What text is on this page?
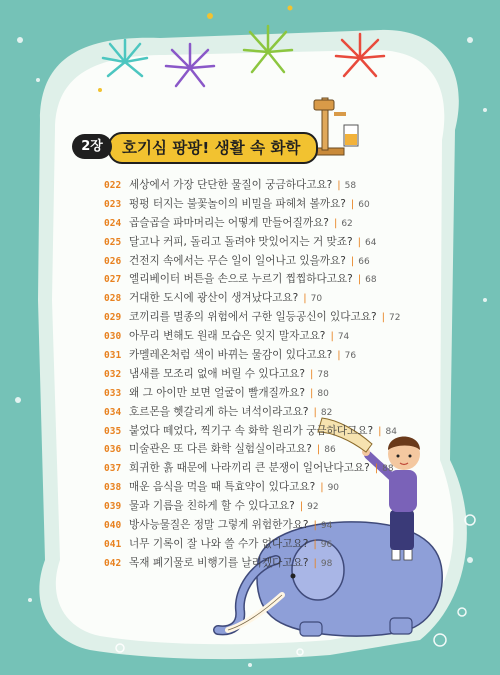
호기심 팡팡! 생활 속 화학
2장
022 세상에서 가장 단단한 물질이 궁금하다고요? | 58
023 펑펑 터지는 불꽃놀이의 비밀을 파헤쳐 볼까요? | 60
024 곱슬곱슬 파마머리는 어떻게 만들어질까요? | 62
025 달고나 커피, 돌리고 돌려야 맛있어지는 거 맞죠? | 64
026 건전지 속에서는 무슨 일이 일어나고 있을까요? | 66
027 엘리베이터 버튼을 손으로 누르기 찝찝하다고요? | 68
028 거대한 도시에 광산이 생겨났다고요? | 70
029 코끼리를 멸종의 위험에서 구한 일등공신이 있다고요? | 72
030 아무리 변해도 원래 모습은 잊지 말자고요? | 74
031 카멜레온처럼 색이 바뀌는 물감이 있다고요? | 76
032 냄새를 모조리 없애 버릴 수 있다고요? | 78
033 왜 그 아이만 보면 얼굴이 빨개질까요? | 80
034 호르몬을 헷갈리게 하는 녀석이라고요? | 82
035 붙었다 떼었다, 찍기구 속 화학 원리가 궁금하다고요? | 84
036 미술관은 또 다른 화학 실험실이라고요? | 86
037 희귀한 흙 때문에 나라끼리 큰 분쟁이 일어난다고요? | 88
038 매운 음식을 먹을 때 특효약이 있다고요? | 90
039 물과 기름을 친하게 할 수 있다고요? | 92
040 방사능물질은 정말 그렇게 위험한가요? | 94
041 너무 기록이 잘 나와 쓸 수가 없다고요? | 96
042 목재 폐기물로 비행기를 날리겠다고요? | 98
